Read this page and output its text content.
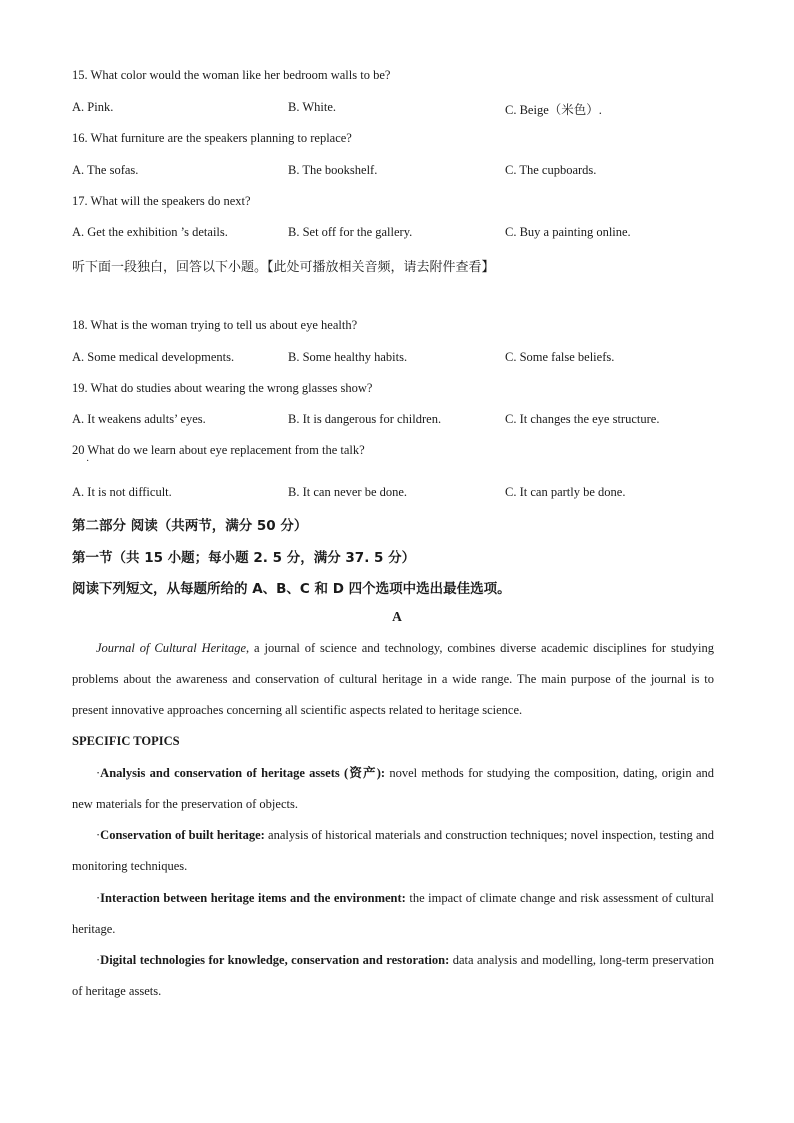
15. What color would the woman like her bedroom walls to be?
A. Pink.	B. White.	C. Beige（米色）.
16. What furniture are the speakers planning to replace?
A. The sofas.	B. The bookshelf.	C. The cupboards.
17. What will the speakers do next?
A. Get the exhibition ’s details.	B. Set off for the gallery.	C. Buy a painting online.
听下面一段独白，回答以下小题。【此处可播放相关音频，请去附件查看】
18. What is the woman trying to tell us about eye health?
A. Some medical developments.	B. Some healthy habits.	C. Some false beliefs.
19. What do studies about wearing the wrong glasses show?
A. It weakens adults’ eyes.	B. It is dangerous for children.	C. It changes the eye structure.
20 What do we learn about eye replacement from the talk?
·
A. It is not difficult.	B. It can never be done.	C. It can partly be done.
第二部分 阅读（共两节，满分 50 分）
第一节（共 15 小题；每小题 2. 5 分，满分 37. 5 分）
阅读下列短文，从每题所给的 A、B、C 和 D 四个选项中选出最佳选项。
A
Journal of Cultural Heritage, a journal of science and technology, combines diverse academic disciplines for studying problems about the awareness and conservation of cultural heritage in a wide range. The main purpose of the journal is to present innovative approaches concerning all scientific aspects related to heritage science.
SPECIFIC TOPICS
·Analysis and conservation of heritage assets (资产): novel methods for studying the composition, dating, origin and new materials for the preservation of objects.
·Conservation of built heritage: analysis of historical materials and construction techniques; novel inspection, testing and monitoring techniques.
·Interaction between heritage items and the environment: the impact of climate change and risk assessment of cultural heritage.
·Digital technologies for knowledge, conservation and restoration: data analysis and modelling, long-term preservation of heritage assets.
